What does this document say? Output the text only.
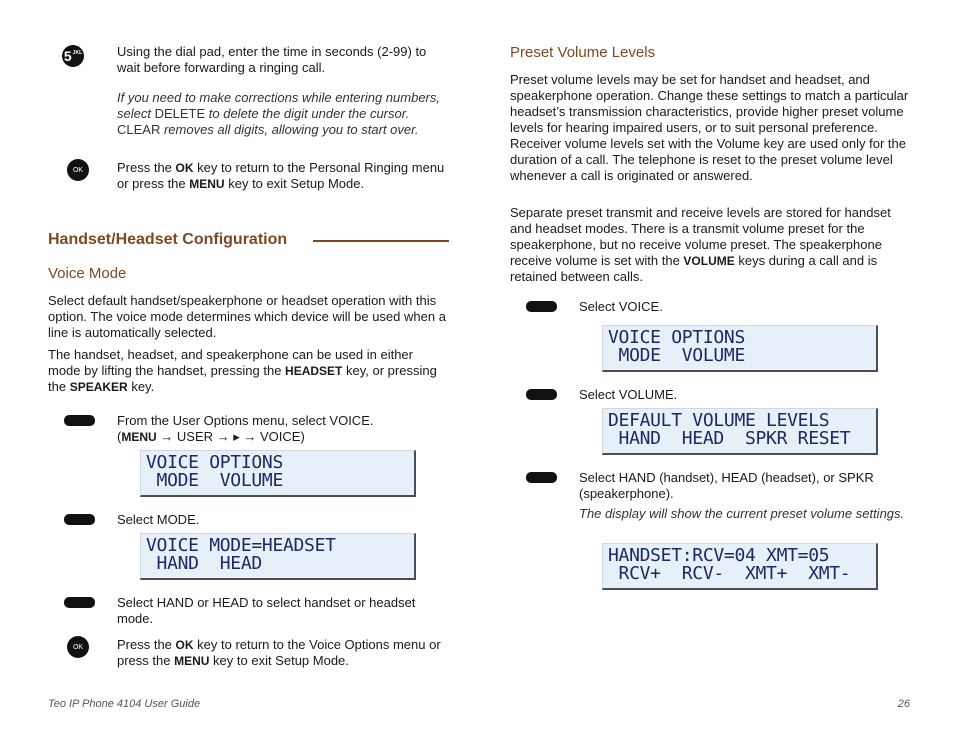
5 JKL	Using the dial pad, enter the time in seconds (2-99) to wait before forwarding a ringing call.

If you need to make corrections while entering numbers, select DELETE to delete the digit under the cursor. CLEAR removes all digits, allowing you to start over.

OK	Press the OK key to return to the Personal Ringing menu or press the MENU key to exit Setup Mode.

Handset/Headset Configuration
Voice Mode

Select default handset/speakerphone or headset operation with this option. The voice mode determines which device will be used when a line is automatically selected.

The handset, headset, and speakerphone can be used in either mode by lifting the handset, pressing the HEADSET key, or pressing the SPEAKER key.

From the User Options menu, select VOICE.
(MENU → USER → ▸ → VOICE)

VOICE OPTIONS
MODE  VOLUME

Select MODE.

VOICE MODE=HEADSET
HAND  HEAD

Select HAND or HEAD to select handset or headset mode.

OK	Press the OK key to return to the Voice Options menu or press the MENU key to exit Setup Mode.

Preset Volume Levels

Preset volume levels may be set for handset and headset, and speakerphone operation. Change these settings to match a particular headset’s transmission characteristics, provide higher preset volume levels for hearing impaired users, or to suit personal preference. Receiver volume levels set with the Volume key are used only for the duration of a call. The telephone is reset to the preset volume level whenever a call is originated or answered.

Separate preset transmit and receive levels are stored for handset and headset modes. There is a transmit volume preset for the speakerphone, but no receive volume preset. The speakerphone receive volume is set with the VOLUME keys during a call and is retained between calls.

Select VOICE.

VOICE OPTIONS
MODE  VOLUME

Select VOLUME.

DEFAULT VOLUME LEVELS
HAND  HEAD  SPKR RESET

Select HAND (handset), HEAD (headset), or SPKR (speakerphone).

The display will show the current preset volume settings.

HANDSET:RCV=04 XMT=05
RCV+  RCV-  XMT+  XMT-
Teo IP Phone 4104 User Guide	26
